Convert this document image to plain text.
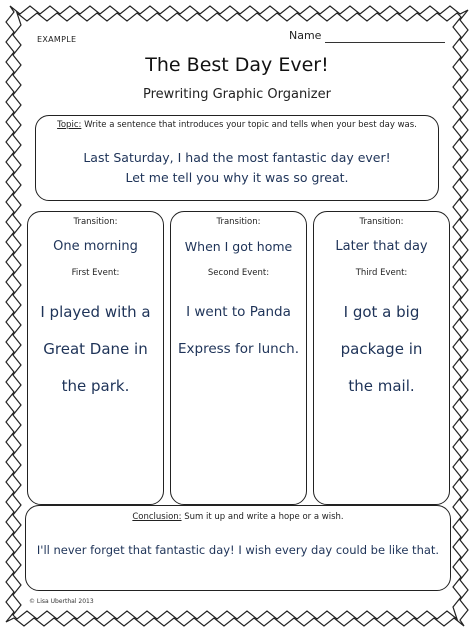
EXAMPLE	Name
The Best Day Ever!
Prewriting Graphic Organizer
Topic: Write a sentence that introduces your topic and tells when your best day was.
Last Saturday, I had the most fantastic day ever!
Let me tell you why it was so great.
Transition:
One morning
First Event:
I played with a
Great Dane in
the park.
Transition:
When I got home
Second Event:
I went to Panda
Express for lunch.
Transition:
Later that day
Third Event:
I got a big
package in
the mail.
Conclusion: Sum it up and write a hope or a wish.
I'll never forget that fantastic day! I wish every day could be like that.
© Lisa Uberthal 2013
